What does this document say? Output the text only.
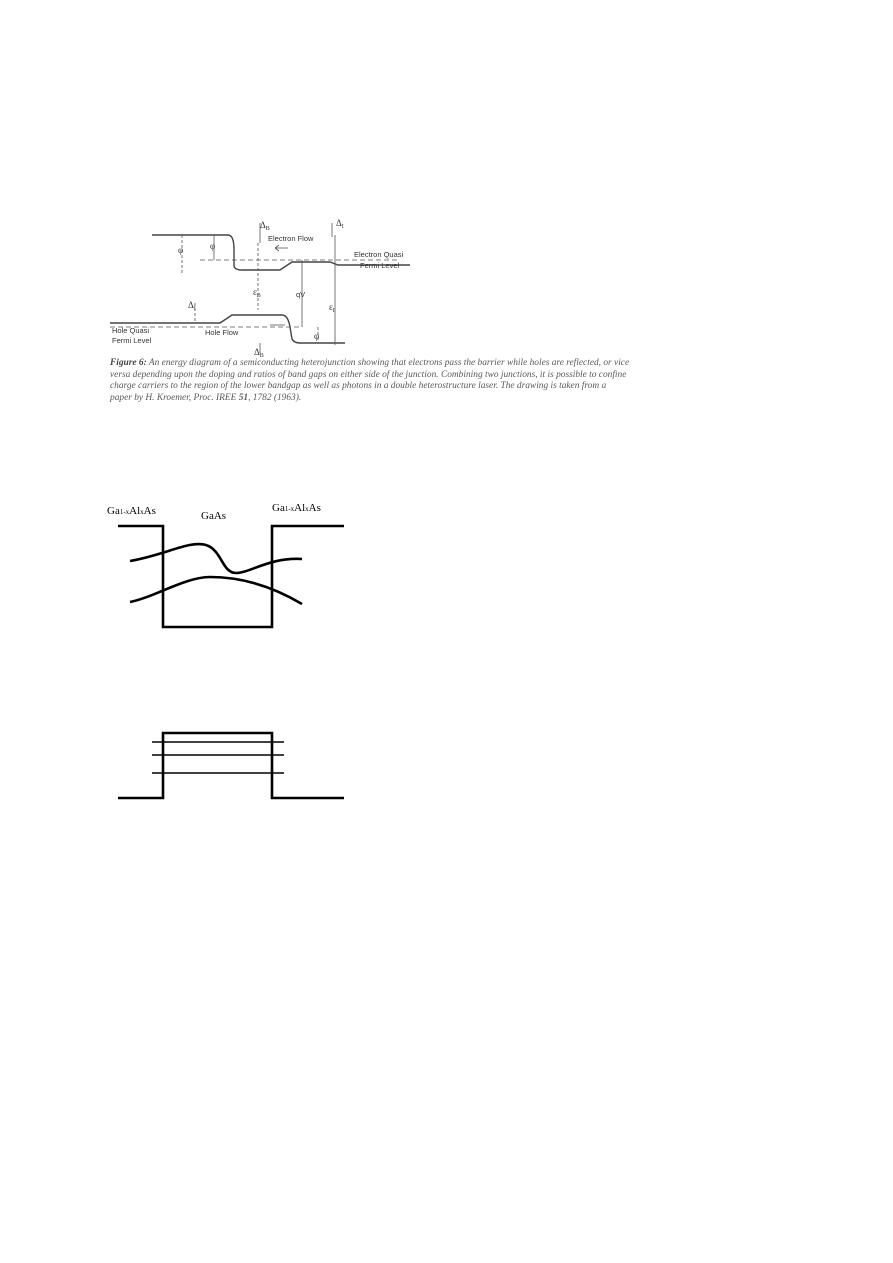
$\Delta_B$
$\Delta_I$
Electron Flow
Electron Quasi
Fermi Level
φ	φ
$\varepsilon_B$	qV
$\varepsilon_I$
$\Delta_I$
Hole Flow
Hole Quasi
Fermi Level	φ
$\Delta_B$
Figure 6: An energy diagram of a semiconducting heterojunction showing that electrons pass the barrier while holes are reflected, or vice versa depending upon the doping and ratios of band gaps on either side of the junction. Combining two junctions, it is possible to confine charge carriers to the region of the lower bandgap as well as photons in a double heterostructure laser. The drawing is taken from a paper by H. Kroemer, Proc. IREE 51, 1782 (1963).
Ga1-xAlxAs	GaAs
Ga1-xAlxAs
